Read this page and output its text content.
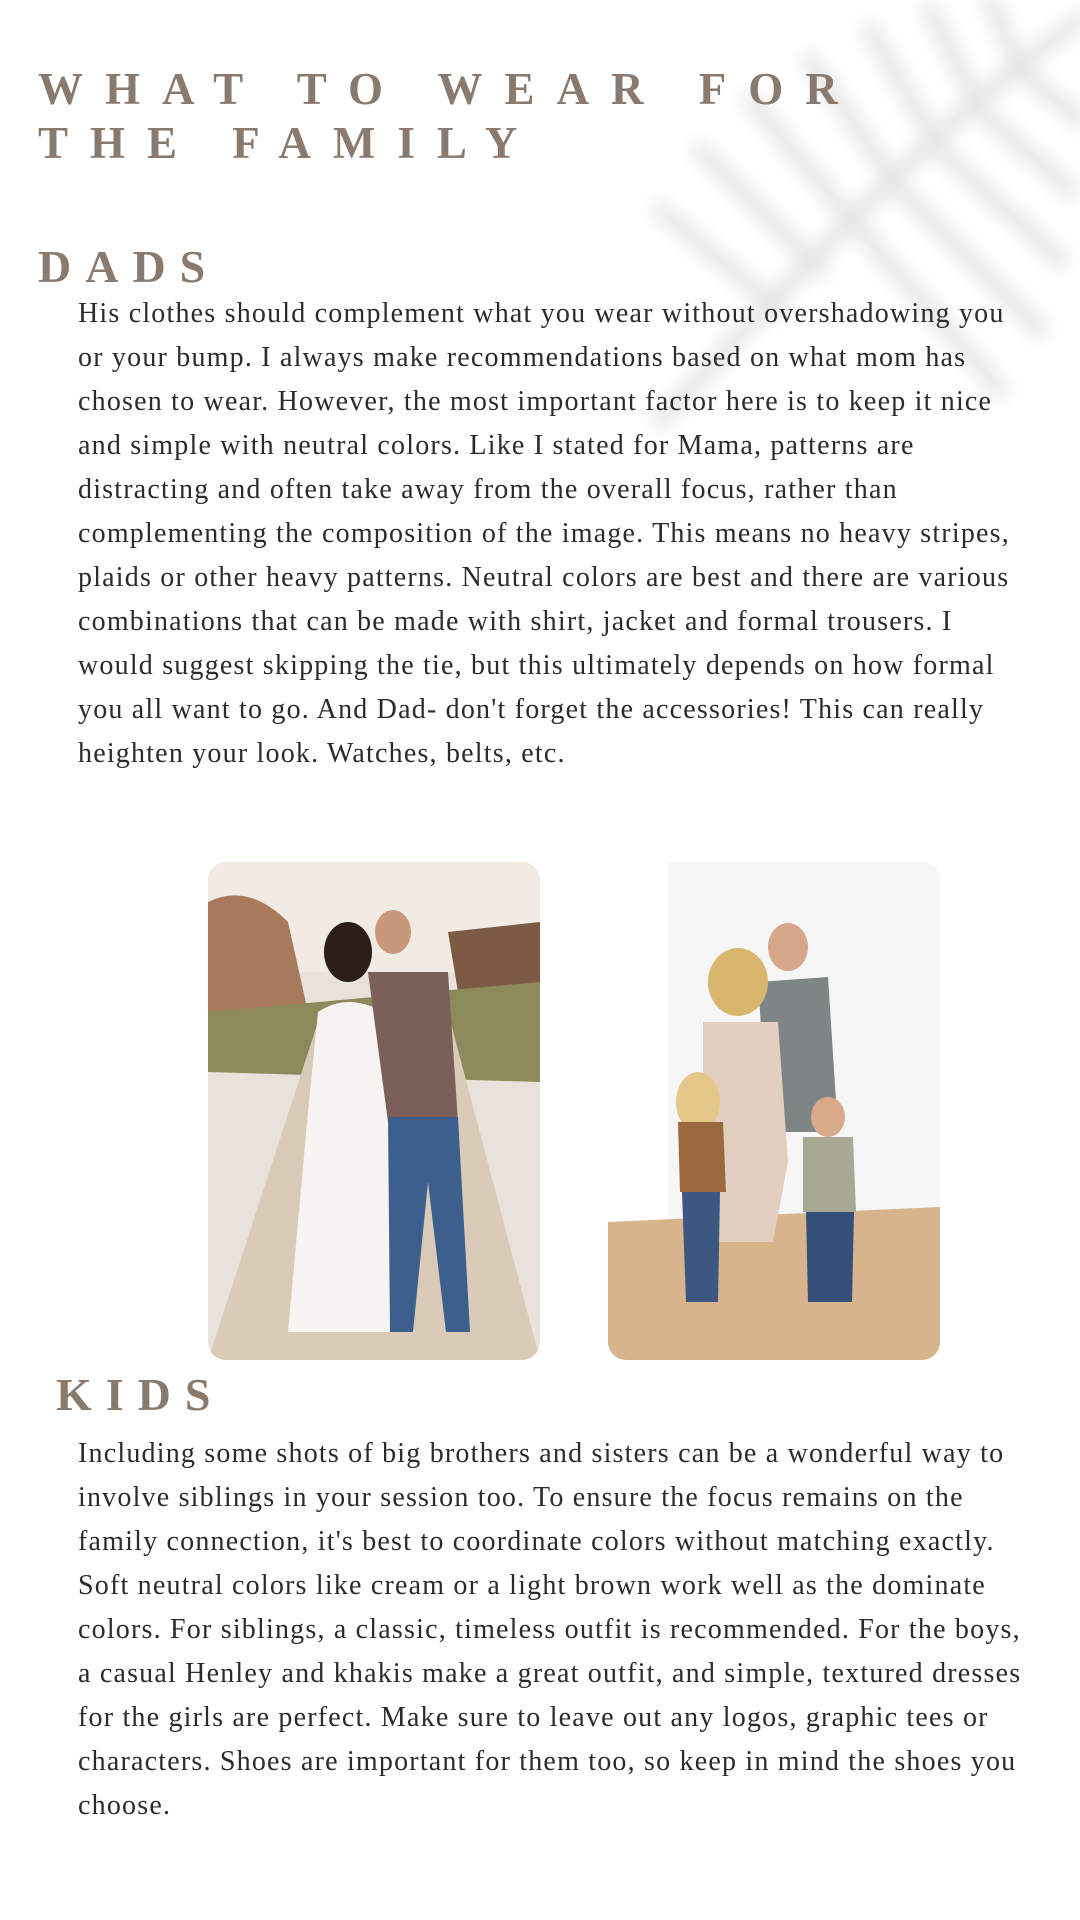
WHAT TO WEAR FOR THE FAMILY
DADS

His clothes should complement what you wear without overshadowing you or your bump. I always make recommendations based on what mom has chosen to wear. However, the most important factor here is to keep it nice and simple with neutral colors. Like I stated for Mama, patterns are distracting and often take away from the overall focus, rather than complementing the composition of the image. This means no heavy stripes, plaids or other heavy patterns. Neutral colors are best and there are various combinations that can be made with shirt, jacket and formal trousers. I would suggest skipping the tie, but this ultimately depends on how formal you all want to go. And Dad- don't forget the accessories! This can really heighten your look. Watches, belts, etc.

KIDS

Including some shots of big brothers and sisters can be a wonderful way to involve siblings in your session too. To ensure the focus remains on the family connection, it's best to coordinate colors without matching exactly. Soft neutral colors like cream or a light brown work well as the dominate colors. For siblings, a classic, timeless outfit is recommended. For the boys, a casual Henley and khakis make a great outfit, and simple, textured dresses for the girls are perfect. Make sure to leave out any logos, graphic tees or characters. Shoes are important for them too, so keep in mind the shoes you choose.
